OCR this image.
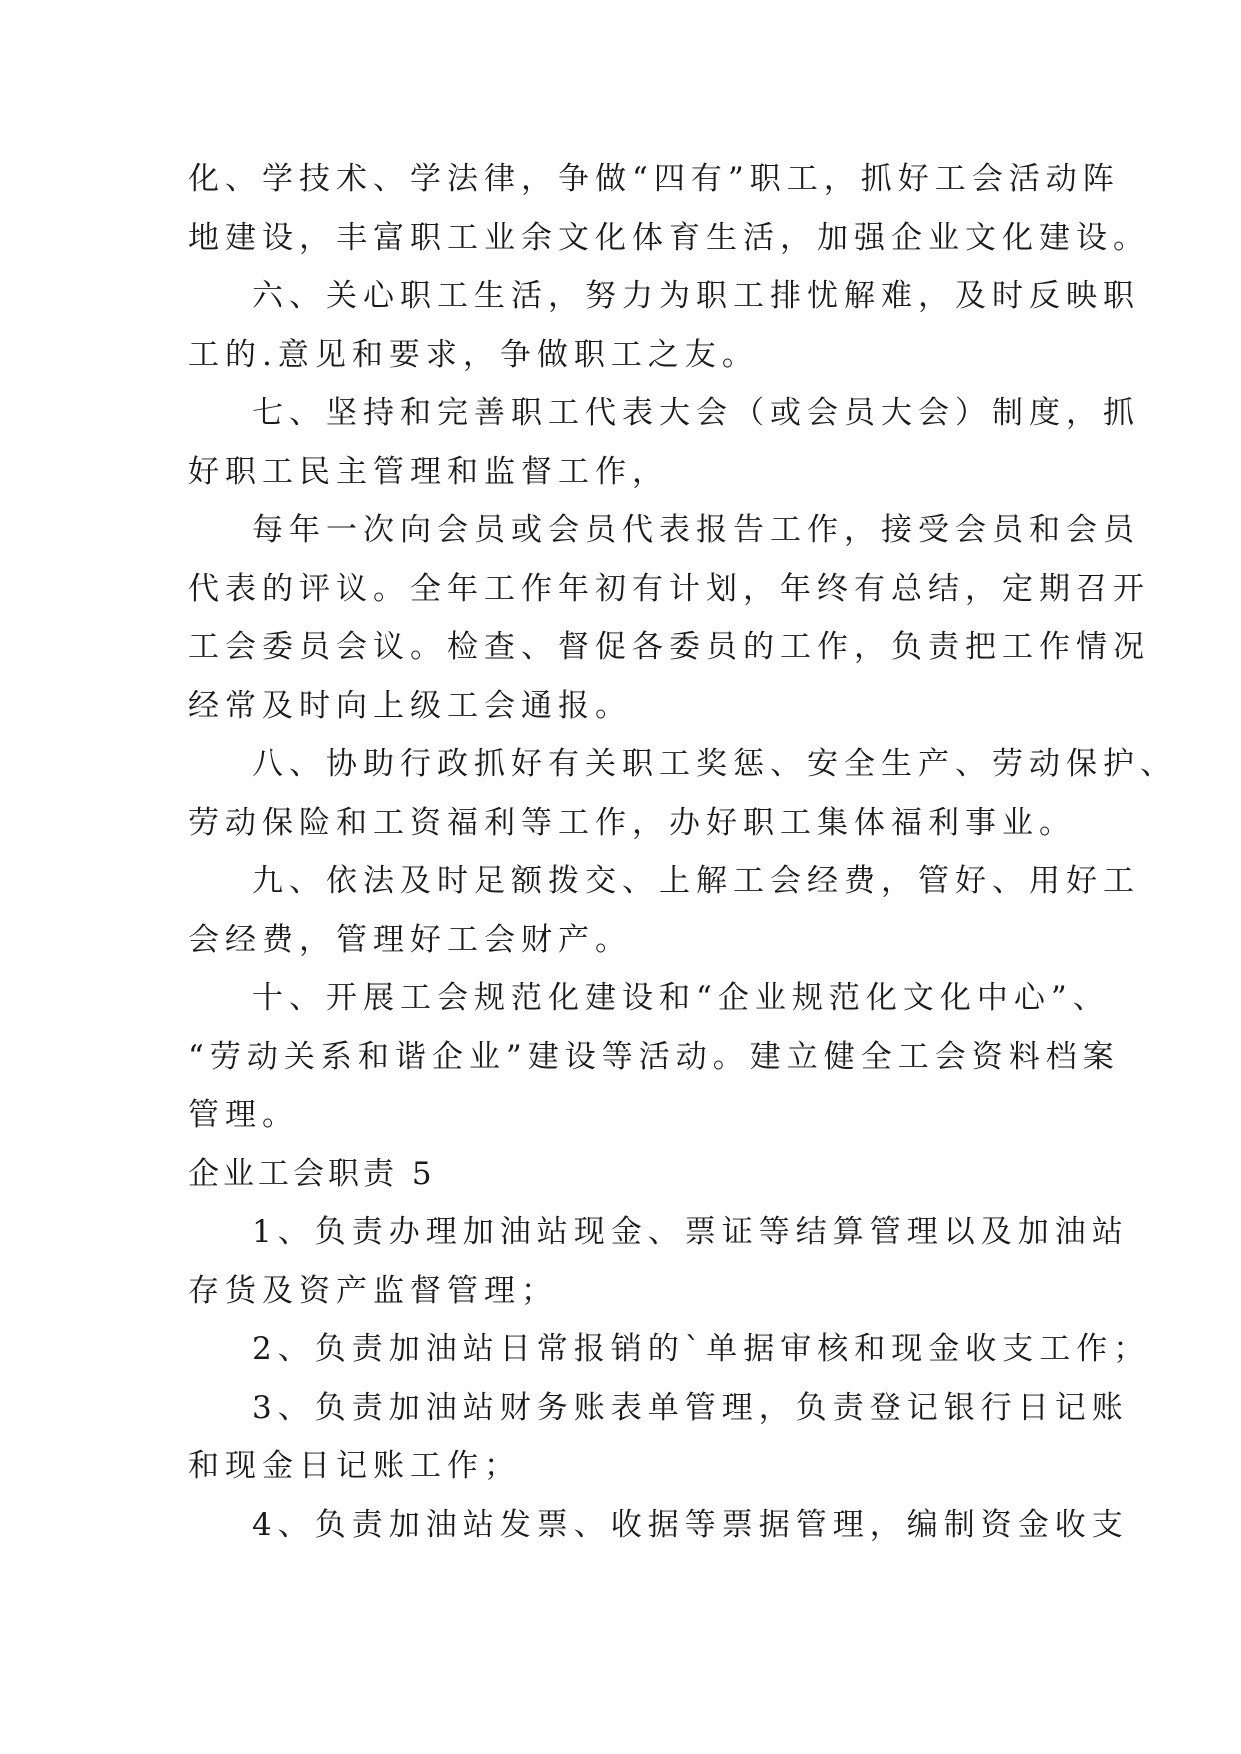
化、学技术、学法律，争做“四有”职工，抓好工会活动阵
地建设，丰富职工业余文化体育生活，加强企业文化建设。
六、关心职工生活，努力为职工排忧解难，及时反映职
工的.意见和要求，争做职工之友。
七、坚持和完善职工代表大会（或会员大会）制度，抓
好职工民主管理和监督工作，
每年一次向会员或会员代表报告工作，接受会员和会员
代表的评议。全年工作年初有计划，年终有总结，定期召开
工会委员会议。检查、督促各委员的工作，负责把工作情况
经常及时向上级工会通报。
八、协助行政抓好有关职工奖惩、安全生产、劳动保护、
劳动保险和工资福利等工作，办好职工集体福利事业。
九、依法及时足额拨交、上解工会经费，管好、用好工
会经费，管理好工会财产。
十、开展工会规范化建设和“企业规范化文化中心”、
“劳动关系和谐企业”建设等活动。建立健全工会资料档案
管理。
企业工会职责 5
1、负责办理加油站现金、票证等结算管理以及加油站
存货及资产监督管理；
2、负责加油站日常报销的`单据审核和现金收支工作；
3、负责加油站财务账表单管理，负责登记银行日记账
和现金日记账工作；
4、负责加油站发票、收据等票据管理，编制资金收支
